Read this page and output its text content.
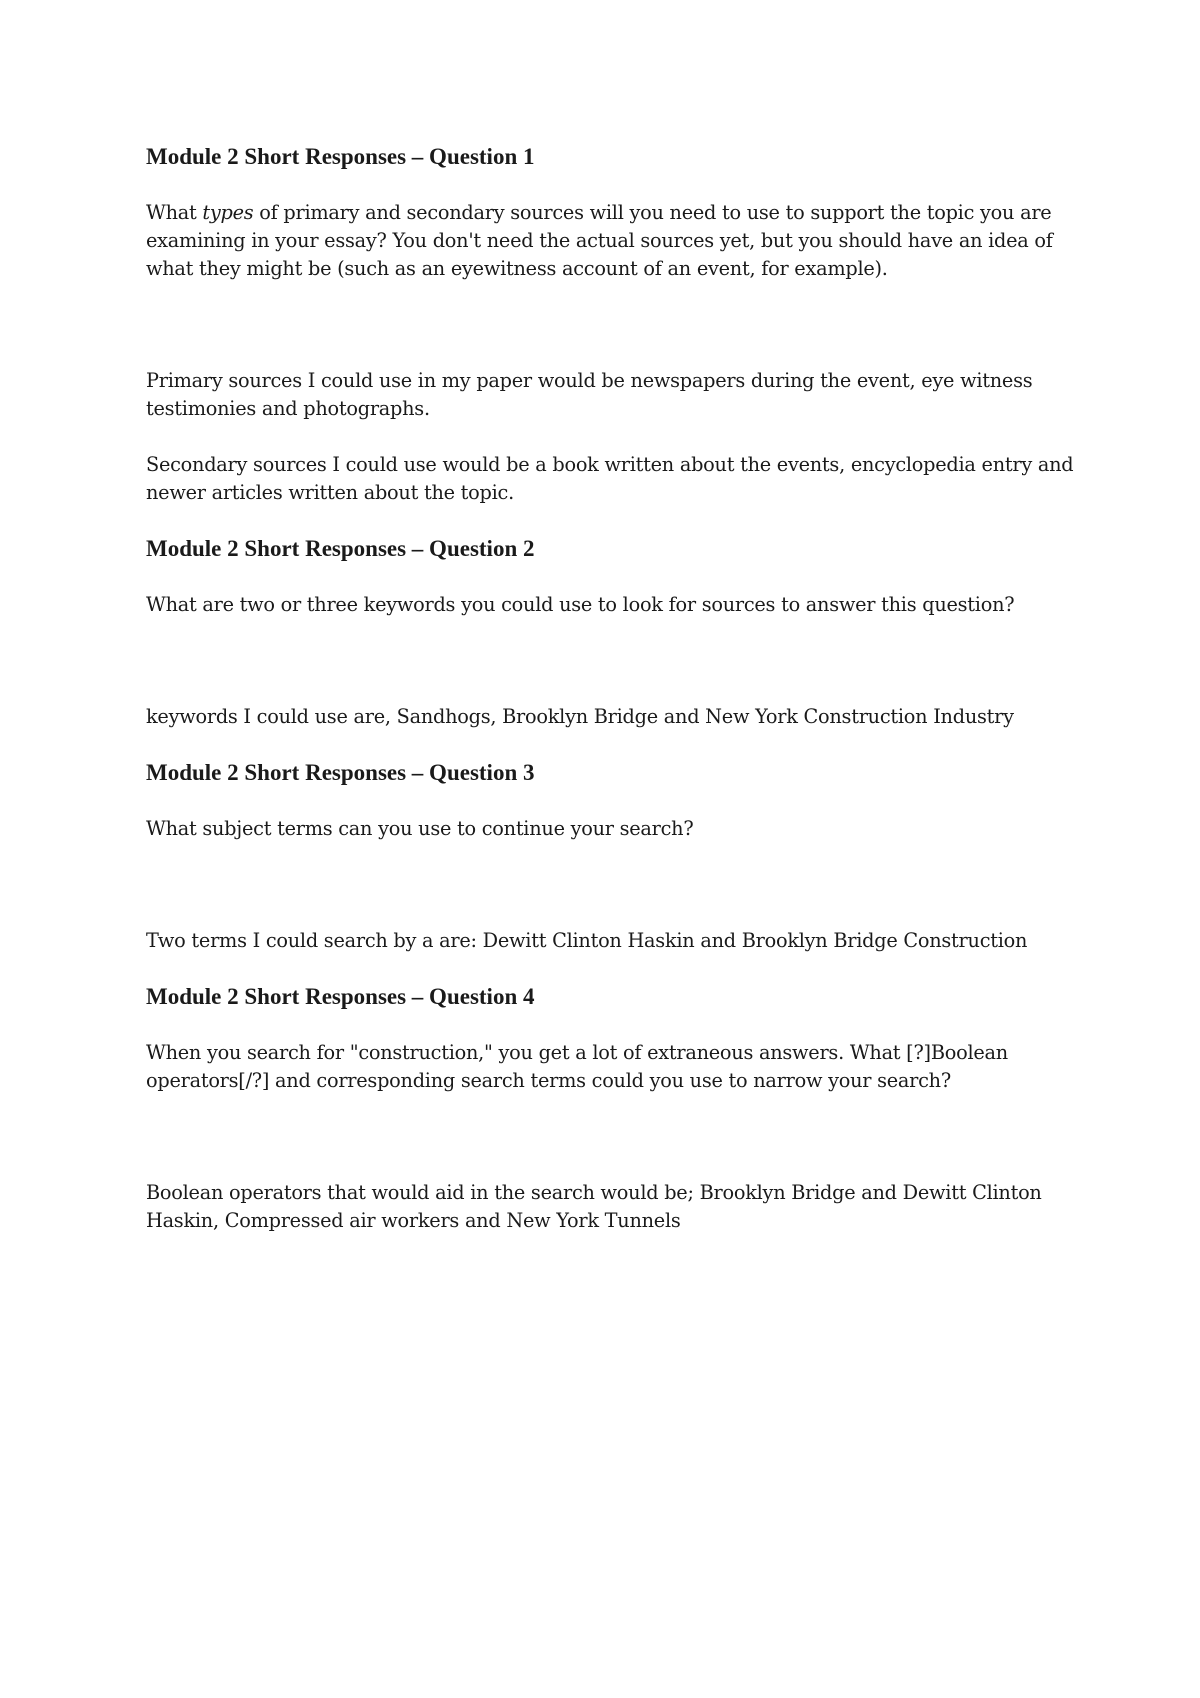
Module 2 Short Responses – Question 1

What types of primary and secondary sources will you need to use to support the topic you are examining in your essay? You don't need the actual sources yet, but you should have an idea of what they might be (such as an eyewitness account of an event, for example).

Primary sources I could use in my paper would be newspapers during the event, eye witness testimonies and photographs.

Secondary sources I could use would be a book written about the events, encyclopedia entry and newer articles written about the topic.

Module 2 Short Responses – Question 2

What are two or three keywords you could use to look for sources to answer this question?

keywords I could use are, Sandhogs, Brooklyn Bridge and New York Construction Industry

Module 2 Short Responses – Question 3

What subject terms can you use to continue your search?

Two terms I could search by a are: Dewitt Clinton Haskin and Brooklyn Bridge Construction

Module 2 Short Responses – Question 4

When you search for "construction," you get a lot of extraneous answers. What [?]Boolean operators[/?] and corresponding search terms could you use to narrow your search?

Boolean operators that would aid in the search would be; Brooklyn Bridge and Dewitt Clinton Haskin, Compressed air workers and New York Tunnels
